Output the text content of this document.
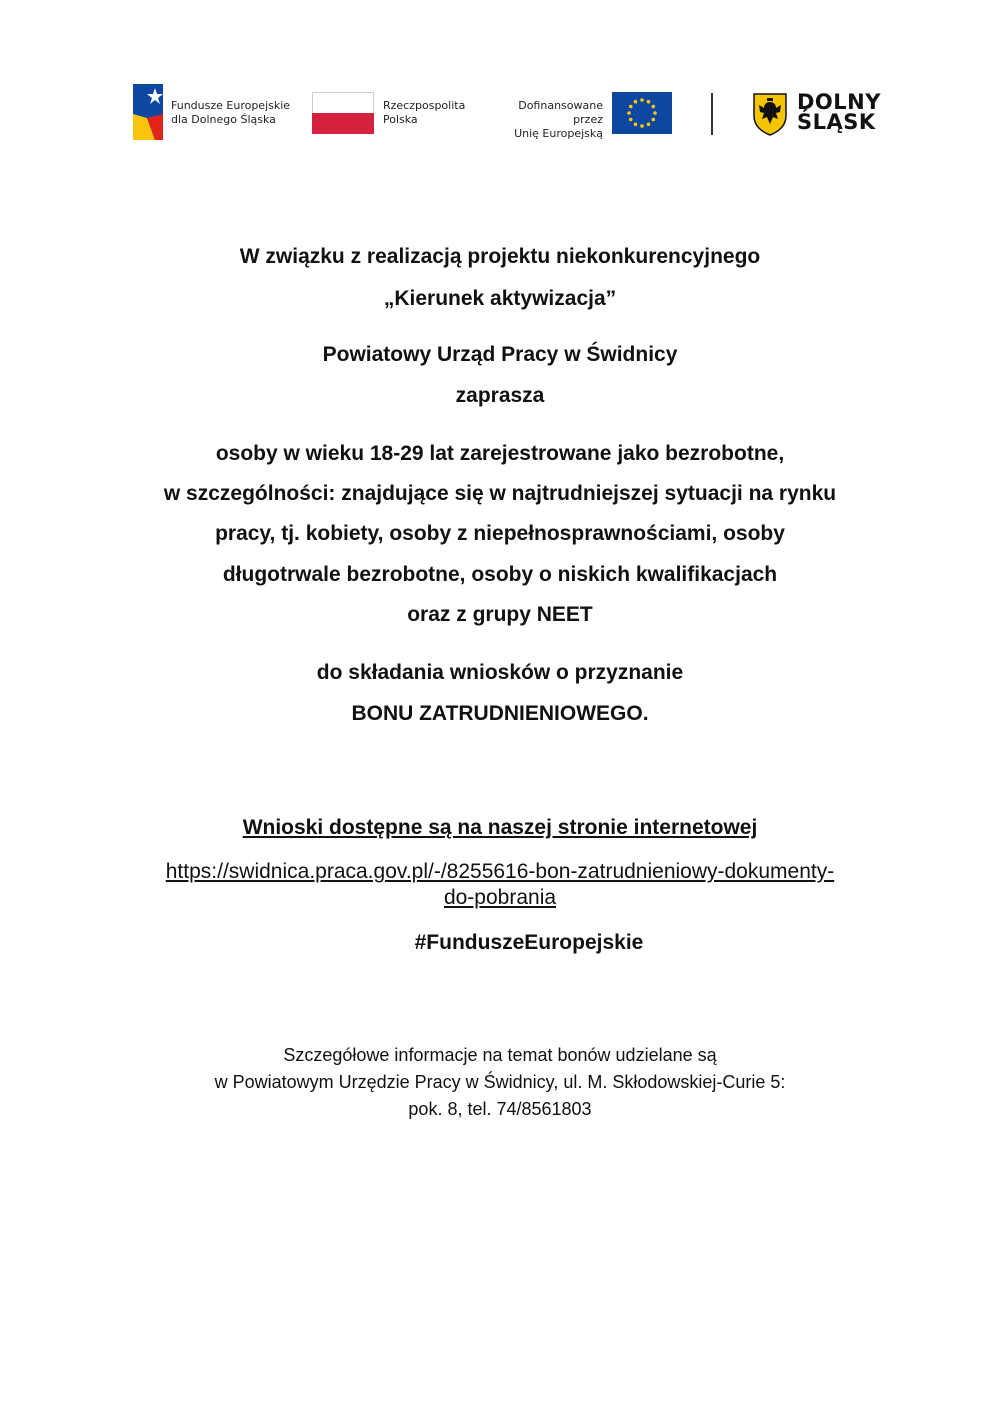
Fundusze Europejskie
dla Dolnego Śląska
Rzeczpospolita
Polska
Dofinansowane przez
Unię Europejską
DOLNY
ŚLĄSK
W związku z realizacją projektu niekonkurencyjnego
„Kierunek aktywizacja”
Powiatowy Urząd Pracy w Świdnicy
zaprasza
osoby w wieku 18-29 lat zarejestrowane jako bezrobotne,
w szczególności: znajdujące się w najtrudniejszej sytuacji na rynku
pracy, tj. kobiety, osoby z niepełnosprawnościami, osoby
długotrwale bezrobotne, osoby o niskich kwalifikacjach
oraz z grupy NEET
do składania wniosków o przyznanie
BONU ZATRUDNIENIOWEGO.
Wnioski dostępne są na naszej stronie internetowej
https://swidnica.praca.gov.pl/-/8255616-bon-zatrudnieniowy-dokumenty-
do-pobrania
#FunduszeEuropejskie
Szczegółowe informacje na temat bonów udzielane są
w Powiatowym Urzędzie Pracy w Świdnicy, ul. M. Skłodowskiej-Curie 5:
pok. 8, tel. 74/8561803
